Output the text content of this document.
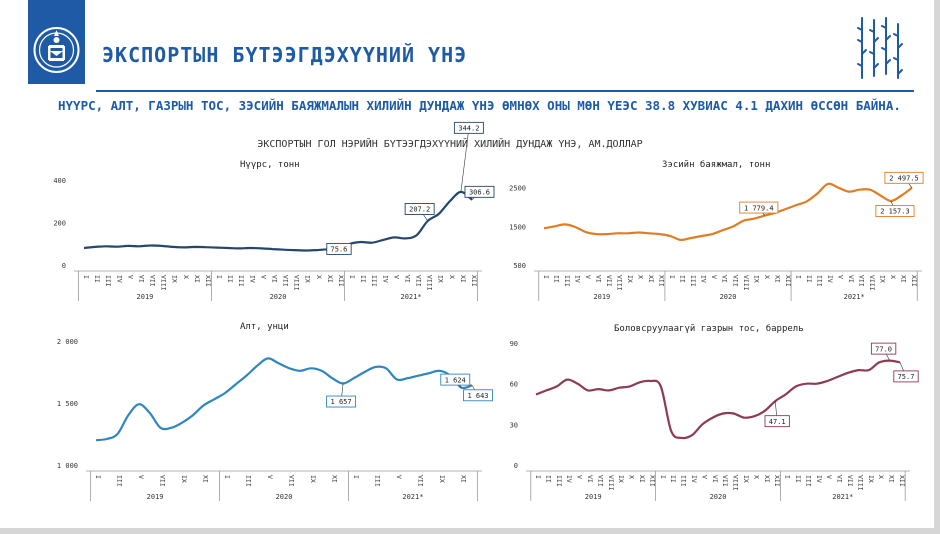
ЭКСПОРТЫН БҮТЭЭГДЭХҮҮНИЙ ҮНЭ
НҮҮРС, АЛТ, ГАЗРЫН ТОС, ЗЭСИЙН БАЯЖМАЛЫН ХИЛИЙН ДУНДАЖ ҮНЭ ӨМНӨХ ОНЫ МӨН ҮЕЭС 38.8 ХУВИАС 4.1 ДАХИН ӨССӨН БАЙНА.
ЭКСПОРТЫН ГОЛ НЭРИЙН БҮТЭЭГДЭХҮҮНИЙ ХИЛИЙН ДУНДАЖ ҮНЭ, АМ.ДОЛЛАР
Нүүрс, тонн	Зэсийн баяжмал, тонн
Алт, унци	Боловсруулаагүй газрын тос, баррель
0
200
400
I II III IV V VI VII VIII IX X XI XII I II III IV V VI VII VIII IX X XI XII I II III IV V VI VII VIII IX X XI XII
2019	2020	2021*
75.6
207.2
344.2
306.6
500
1500
2500
I II III IV V VI VII VIII IX X XI XII I II III IV V VI VII VIII IX X XI XII I II III IV V VI VII VIII IX X XI XII
2019	2020	2021*
1 779.4	2 157.3
2 497.5
1 000
1 500
2 000
I III V VII IX XI I III V VII IX XI I III V VII IX XI
2019	2020	2021*
1 657
1 624
1 643
0
30
60
90
I II III IV V VI VII VIII IX X XI XII I II III IV V VI VII VIII IX X XI XII I II III IV V VI VII VIII IX X XI XII
2019	2020	2021*
47.1
77.0
75.7
